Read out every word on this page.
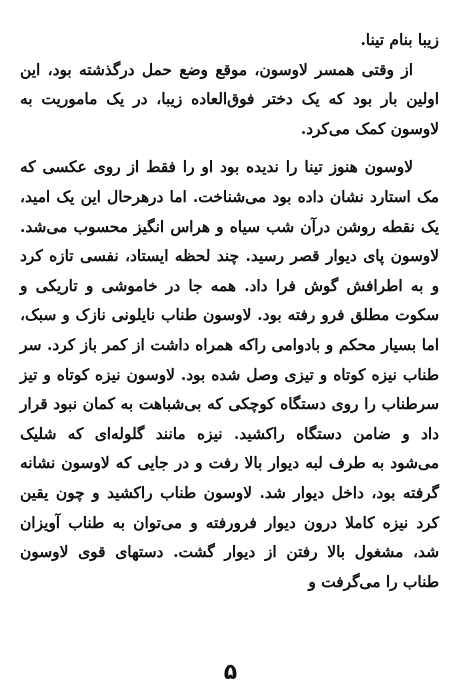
زیبا بنام تینا.

از وقتی همسر لاوسون، موقع وضع حمل درگذشته بود، این اولین بار بود که یک دختر فوق‌العاده زیبا، در یک ماموریت به لاوسون کمک می‌کرد.

لاوسون هنوز تینا را ندیده بود او را فقط از روی عکسی که مک استارد نشان داده بود می‌شناخت. اما درهرحال این یک امید، یک نقطه روشن درآن شب سیاه و هراس انگیز محسوب می‌شد. لاوسون پای دیوار قصر رسید. چند لحظه ایستاد، نفسی تازه کرد و به اطرافش گوش فرا داد. همه جا در خاموشی و تاریکی و سکوت مطلق فرو رفته بود. لاوسون طناب نایلونی نازک و سبک، اما بسیار محکم و بادوامی راکه همراه داشت از کمر باز کرد. سر طناب نیزه کوتاه و تیزی وصل شده بود. لاوسون نیزه کوتاه و تیز سرطناب را روی دستگاه کوچکی که بی‌شباهت به کمان نبود قرار داد و ضامن دستگاه راکشید. نیزه مانند گلوله‌ای که شلیک می‌شود به طرف لبه دیوار بالا رفت و در جایی که لاوسون نشانه گرفته بود، داخل دیوار شد. لاوسون طناب راکشید و چون یقین کرد نیزه کاملا درون دیوار فرورفته و می‌توان به طناب آویزان شد، مشغول بالا رفتن از دیوار گشت. دستهای قوی لاوسون طناب را می‌گرفت و

۵
